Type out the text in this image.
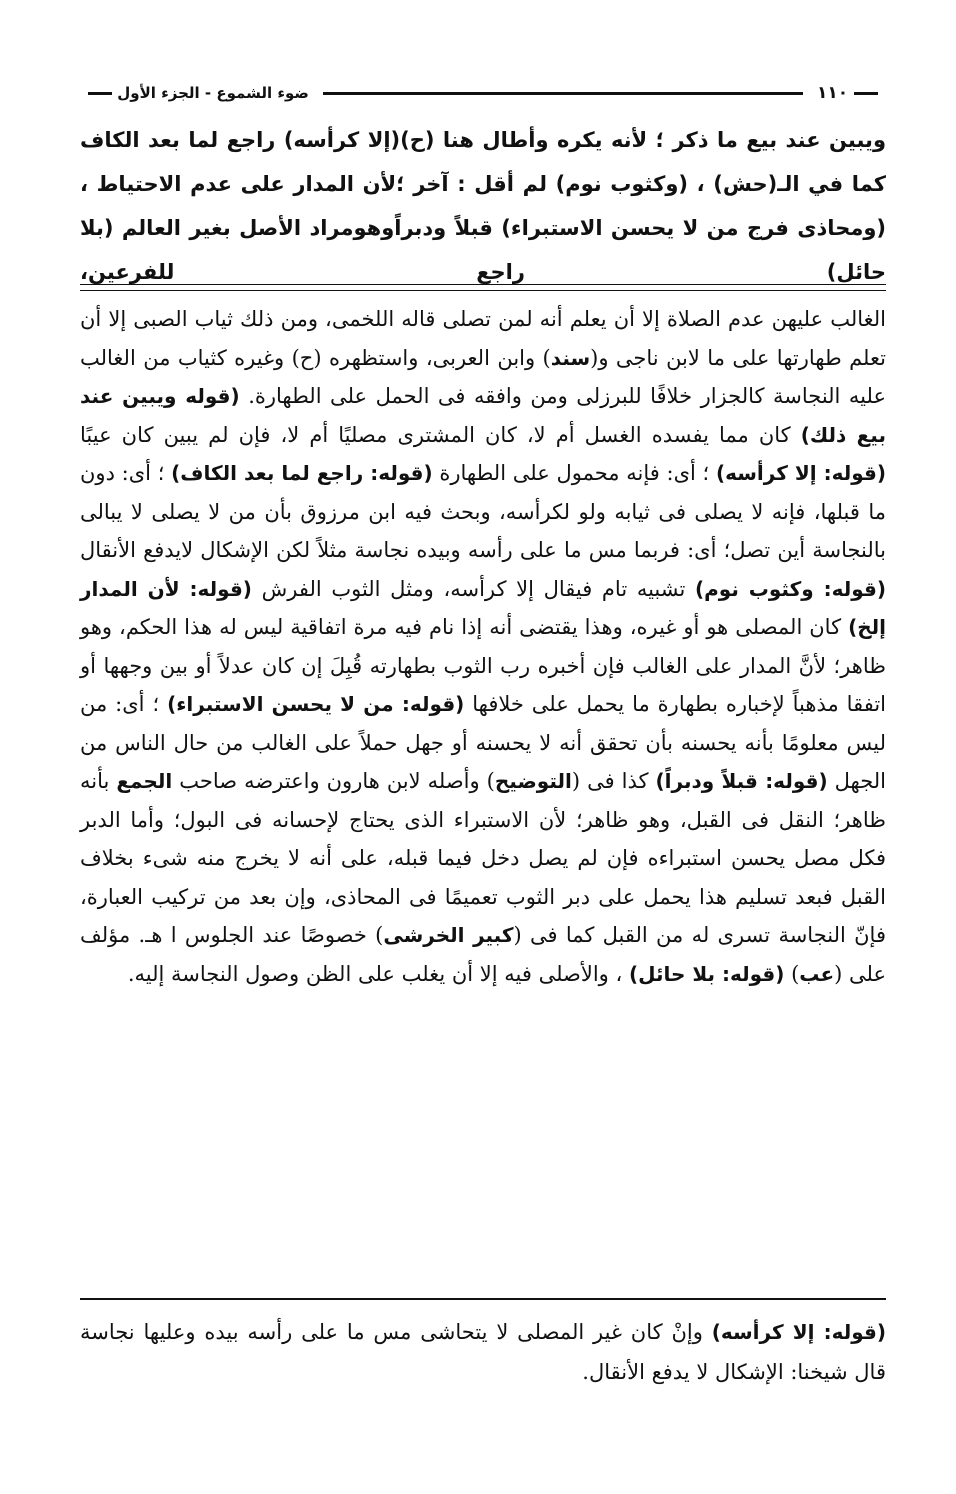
١١٠
ضوء الشموع - الجزء الأول

ويبين عند بيع ما ذكر ؛ لأنه يكره وأطال هنا (ح)(إلا كرأسه) راجع لما بعد الكاف كما في الـ(حش) ، (وكثوب نوم) لم أقل : آخر ؛لأن المدار على عدم الاحتياط ، (ومحاذى فرج من لا يحسن الاستبراء) قبلاً ودبراًوهومراد الأصل بغير العالم (بلا حائل) راجع للفرعين،

الغالب عليهن عدم الصلاة إلا أن يعلم أنه لمن تصلى قاله اللخمى، ومن ذلك ثياب الصبى إلا أن تعلم طهارتها على ما لابن ناجى و(سند) وابن العربى، واستظهره (ح) وغيره كثياب من الغالب عليه النجاسة كالجزار خلافًا للبرزلى ومن وافقه فى الحمل على الطهارة. (قوله ويبين عند بيع ذلك) كان مما يفسده الغسل أم لا، كان المشترى مصليًا أم لا، فإن لم يبين كان عيبًا (قوله: إلا كرأسه) ؛ أى: فإنه محمول على الطهارة (قوله: راجع لما بعد الكاف) ؛ أى: دون ما قبلها، فإنه لا يصلى فى ثيابه ولو لكرأسه، وبحث فيه ابن مرزوق بأن من لا يصلى لا يبالى بالنجاسة أين تصل؛ أى: فربما مس ما على رأسه وبيده نجاسة مثلاً لكن الإشكال لايدفع الأنقال (قوله: وكثوب نوم) تشبيه تام فيقال إلا كرأسه، ومثل الثوب الفرش (قوله: لأن المدار إلخ) كان المصلى هو أو غيره، وهذا يقتضى أنه إذا نام فيه مرة اتفاقية ليس له هذا الحكم، وهو ظاهر؛ لأنَّ المدار على الغالب فإن أخبره رب الثوب بطهارته قُبِلَ إن كان عدلاً أو بين وجهها أو اتفقا مذهباً لإخباره بطهارة ما يحمل على خلافها (قوله: من لا يحسن الاستبراء) ؛ أى: من ليس معلومًا بأنه يحسنه بأن تحقق أنه لا يحسنه أو جهل حملاً على الغالب من حال الناس من الجهل (قوله: قبلاً ودبراً) كذا فى (التوضيح) وأصله لابن هارون واعترضه صاحب الجمع بأنه ظاهر؛ النقل فى القبل، وهو ظاهر؛ لأن الاستبراء الذى يحتاج لإحسانه فى البول؛ وأما الدبر فكل مصل يحسن استبراءه فإن لم يصل دخل فيما قبله، على أنه لا يخرج منه شىء بخلاف القبل فبعد تسليم هذا يحمل على دبر الثوب تعميمًا فى المحاذى، وإن بعد من تركيب العبارة، فإنّ النجاسة تسرى له من القبل كما فى (كبير الخرشى) خصوصًا عند الجلوس ا هـ. مؤلف على (عب) (قوله: بلا حائل) ، والأصلى فيه إلا أن يغلب على الظن وصول النجاسة إليه.

(قوله: إلا كرأسه) وإنْ كان غير المصلى لا يتحاشى مس ما على رأسه بيده وعليها نجاسة قال شيخنا: الإشكال لا يدفع الأنقال.
